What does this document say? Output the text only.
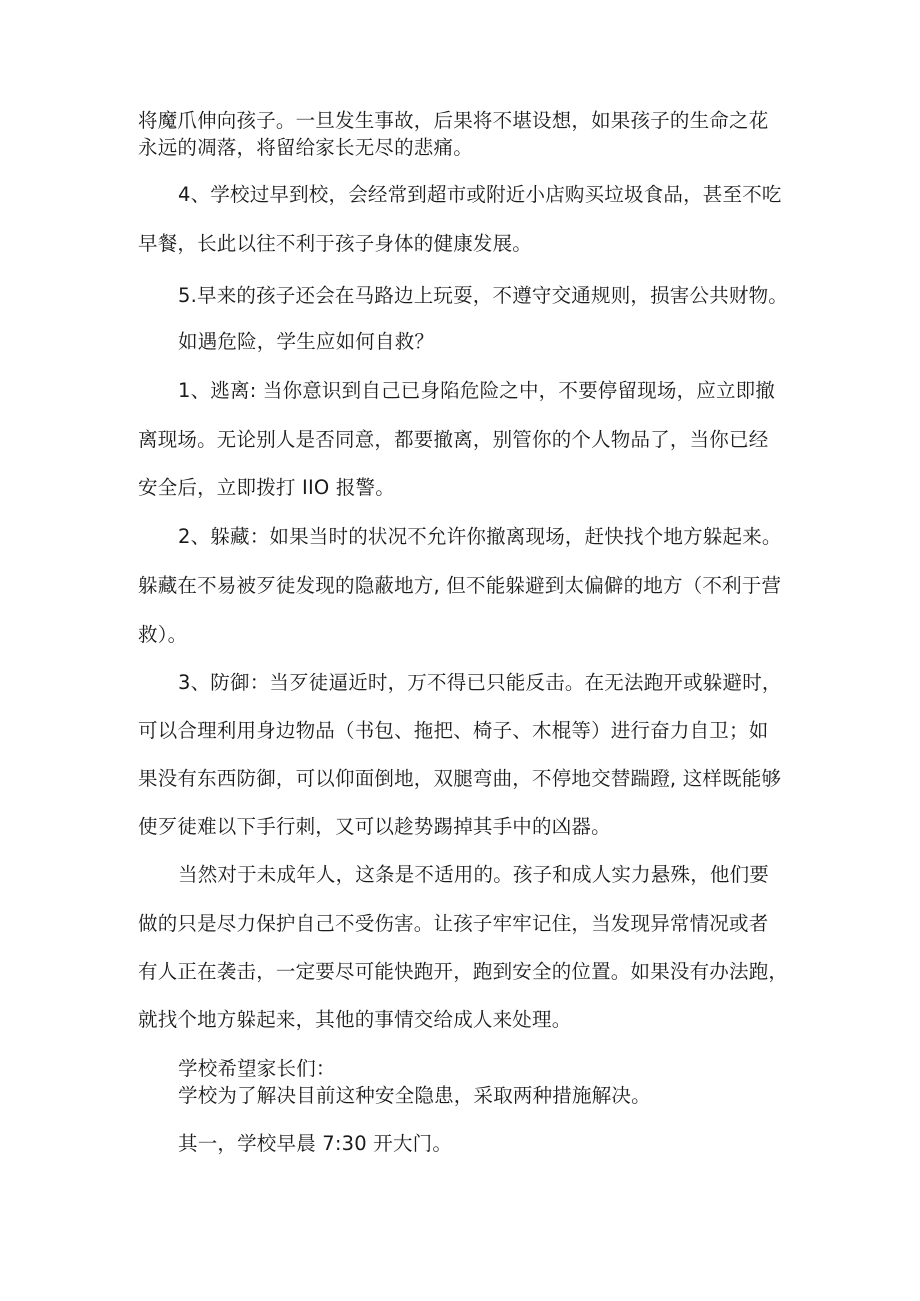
将魔爪伸向孩子。一旦发生事故，后果将不堪设想，如果孩子的生命之花
永远的凋落，将留给家长无尽的悲痛。
4、学校过早到校，会经常到超市或附近小店购买垃圾食品，甚至不吃
早餐，长此以往不利于孩子身体的健康发展。
5.早来的孩子还会在马路边上玩耍，不遵守交通规则，损害公共财物。
如遇危险，学生应如何自救？
1、逃离: 当你意识到自己已身陷危险之中，不要停留现场，应立即撤
离现场。无论别人是否同意，都要撤离，别管你的个人物品了，当你已经
安全后，立即拨打 IIO 报警。
2、躲藏：如果当时的状况不允许你撤离现场，赶快找个地方躲起来。
躲藏在不易被歹徒发现的隐蔽地方, 但不能躲避到太偏僻的地方（不利于营
救）。
3、防御：当歹徒逼近时，万不得已只能反击。在无法跑开或躲避时，
可以合理利用身边物品（书包、拖把、椅子、木棍等）进行奋力自卫；如
果没有东西防御，可以仰面倒地，双腿弯曲，不停地交替踹蹬, 这样既能够
使歹徒难以下手行刺，又可以趁势踢掉其手中的凶器。
当然对于未成年人，这条是不适用的。孩子和成人实力悬殊，他们要
做的只是尽力保护自己不受伤害。让孩子牢牢记住，当发现异常情况或者
有人正在袭击，一定要尽可能快跑开，跑到安全的位置。如果没有办法跑，
就找个地方躲起来，其他的事情交给成人来处理。
学校希望家长们：
学校为了解决目前这种安全隐患，采取两种措施解决。
其一，学校早晨 7:30 开大门。
